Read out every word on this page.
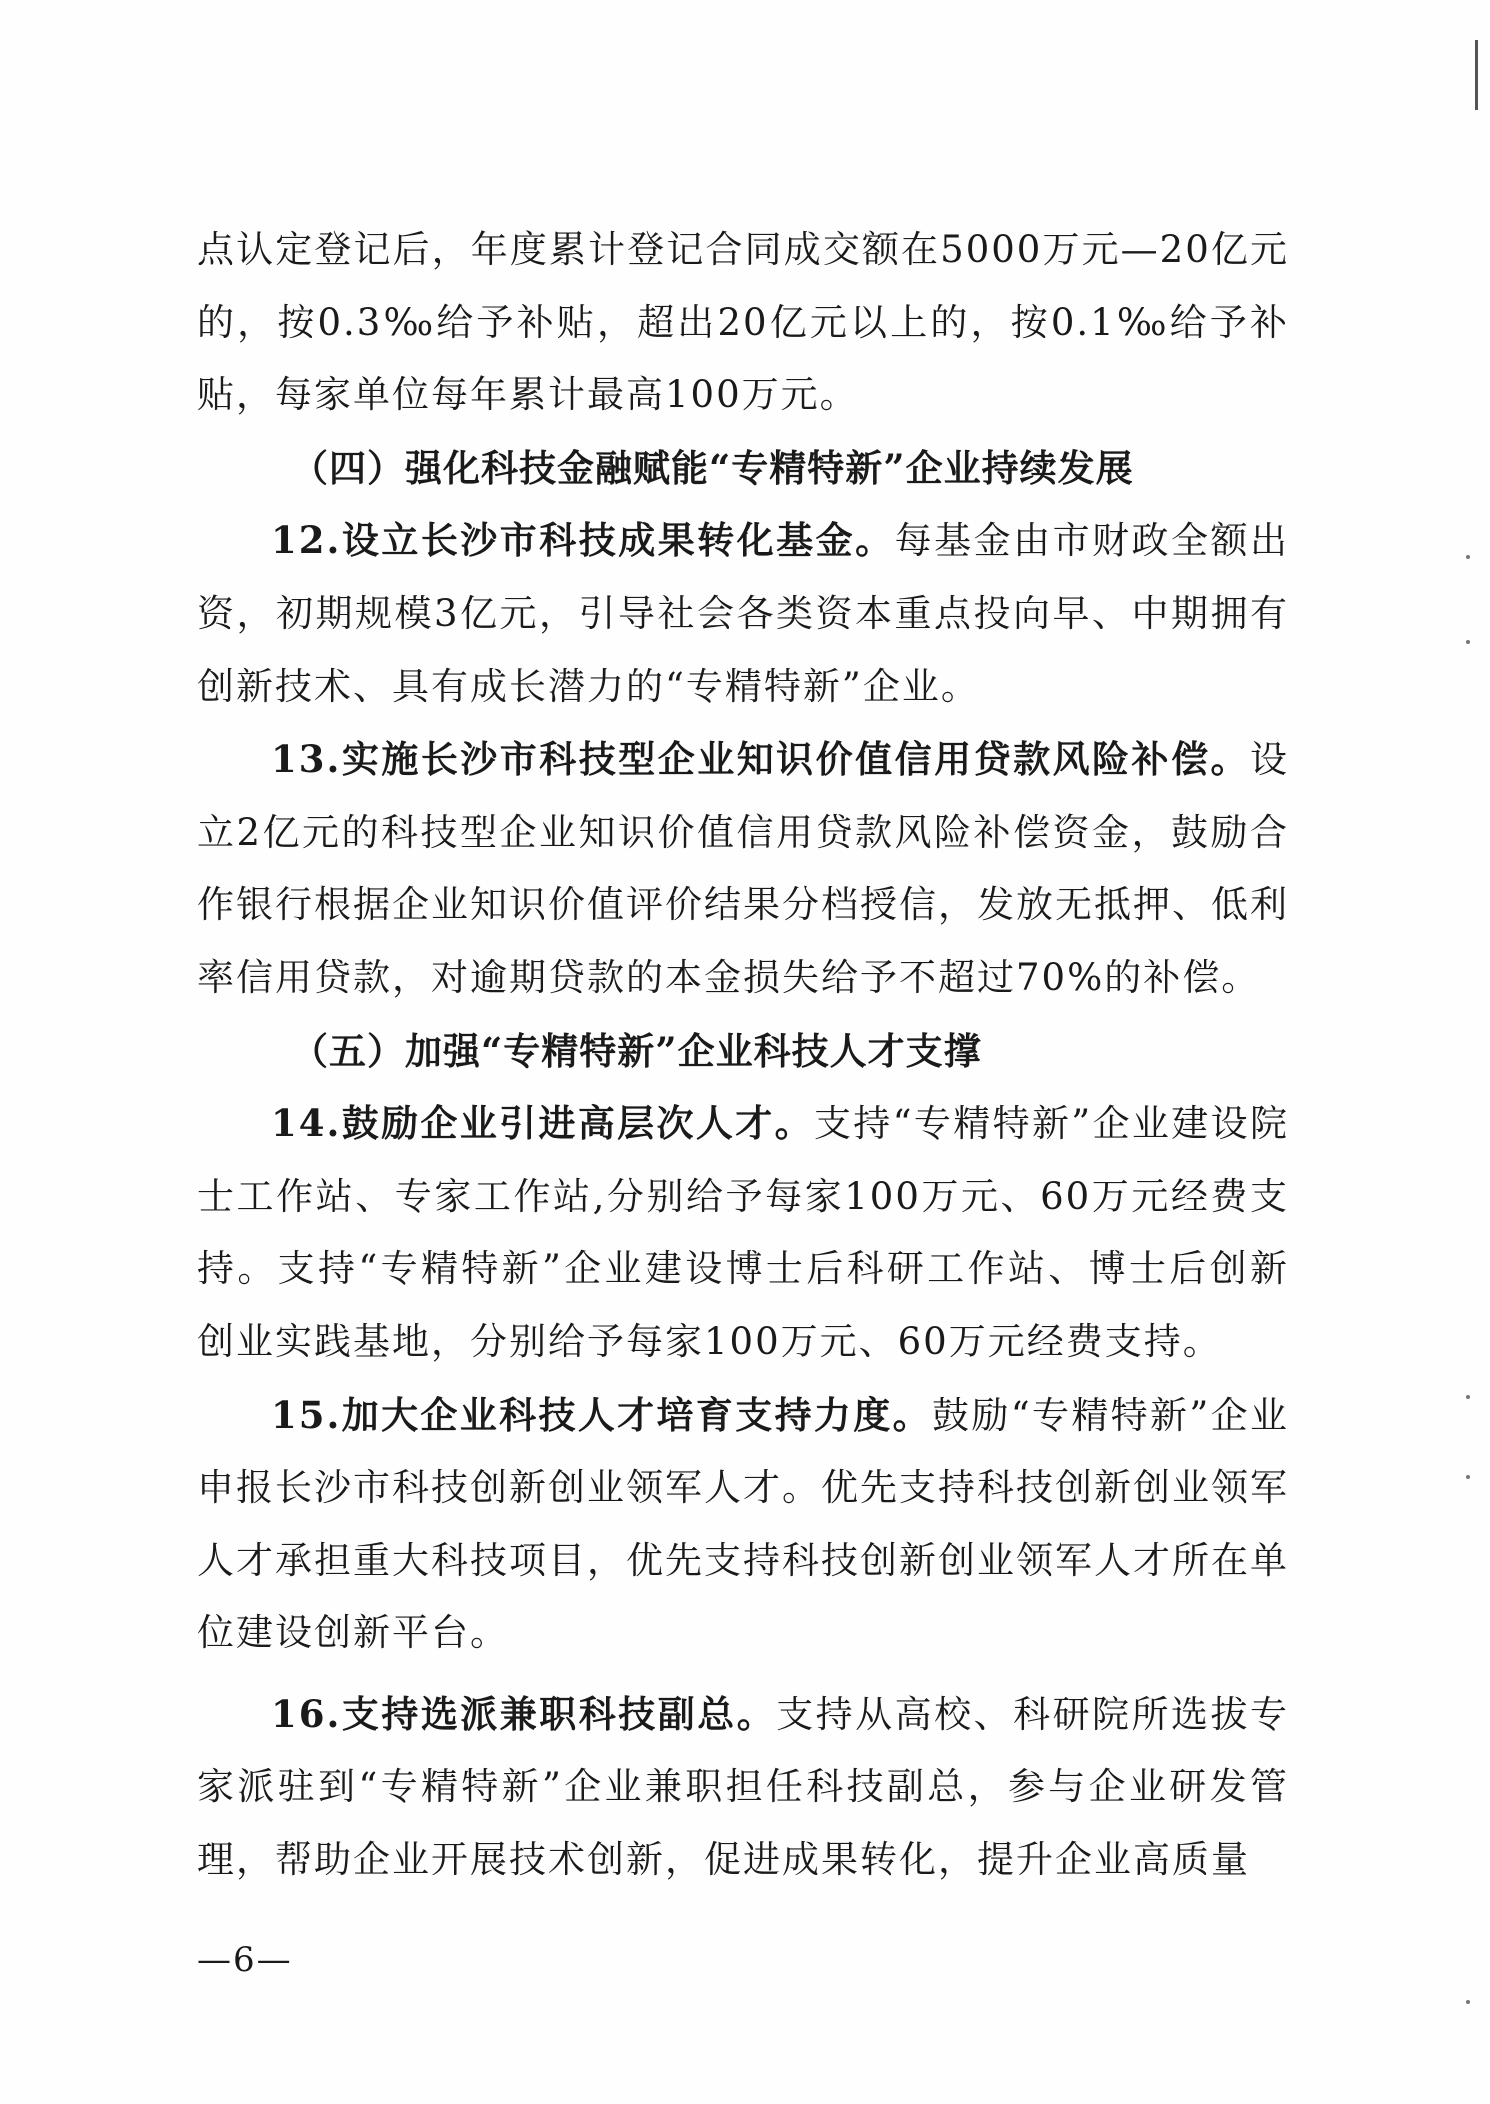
点认定登记后，年度累计登记合同成交额在5000万元—20亿元的，按0.3‰给予补贴，超出20亿元以上的，按0.1‰给予补贴，每家单位每年累计最高100万元。

（四）强化科技金融赋能“专精特新”企业持续发展

12.设立长沙市科技成果转化基金。每基金由市财政全额出资，初期规模3亿元，引导社会各类资本重点投向早、中期拥有创新技术、具有成长潜力的“专精特新”企业。

13.实施长沙市科技型企业知识价值信用贷款风险补偿。设立2亿元的科技型企业知识价值信用贷款风险补偿资金，鼓励合作银行根据企业知识价值评价结果分档授信，发放无抵押、低利率信用贷款，对逾期贷款的本金损失给予不超过70%的补偿。

（五）加强“专精特新”企业科技人才支撑

14.鼓励企业引进高层次人才。支持“专精特新”企业建设院士工作站、专家工作站,分别给予每家100万元、60万元经费支持。支持“专精特新”企业建设博士后科研工作站、博士后创新创业实践基地，分别给予每家100万元、60万元经费支持。

15.加大企业科技人才培育支持力度。鼓励“专精特新”企业申报长沙市科技创新创业领军人才。优先支持科技创新创业领军人才承担重大科技项目，优先支持科技创新创业领军人才所在单位建设创新平台。

16.支持选派兼职科技副总。支持从高校、科研院所选拔专家派驻到“专精特新”企业兼职担任科技副总，参与企业研发管理，帮助企业开展技术创新，促进成果转化，提升企业高质量

—6—
